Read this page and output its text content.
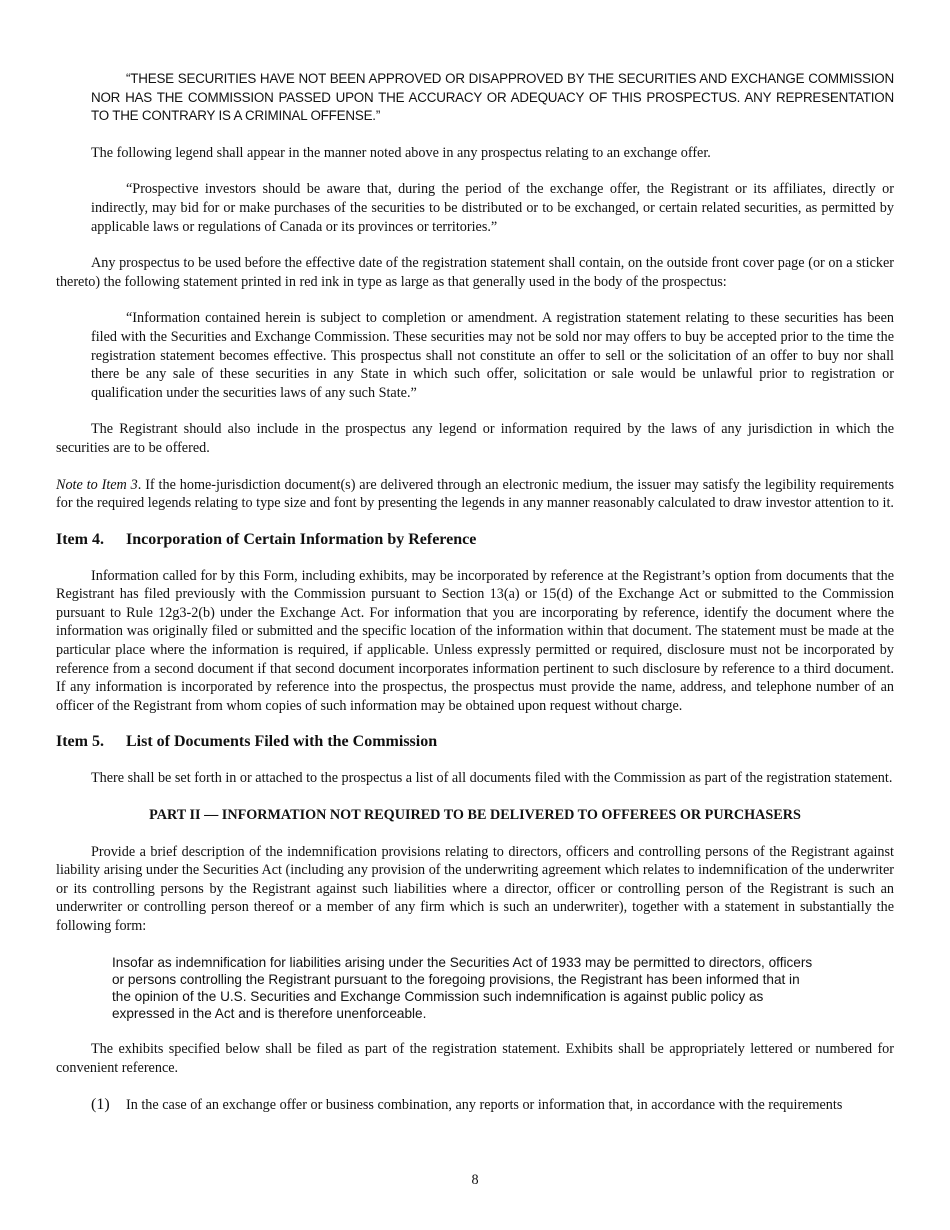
“THESE SECURITIES HAVE NOT BEEN APPROVED OR DISAPPROVED BY THE SECURITIES AND EXCHANGE COMMISSION NOR HAS THE COMMISSION PASSED UPON THE ACCURACY OR ADEQUACY OF THIS PROSPECTUS. ANY REPRESENTATION TO THE CONTRARY IS A CRIMINAL OFFENSE.”

The following legend shall appear in the manner noted above in any prospectus relating to an exchange offer.

“Prospective investors should be aware that, during the period of the exchange offer, the Registrant or its affiliates, directly or indirectly, may bid for or make purchases of the securities to be distributed or to be exchanged, or certain related securities, as permitted by applicable laws or regulations of Canada or its provinces or territories.”

Any prospectus to be used before the effective date of the registration statement shall contain, on the outside front cover page (or on a sticker thereto) the following statement printed in red ink in type as large as that generally used in the body of the prospectus:

“Information contained herein is subject to completion or amendment. A registration statement relating to these securities has been filed with the Securities and Exchange Commission. These securities may not be sold nor may offers to buy be accepted prior to the time the registration statement becomes effective. This prospectus shall not constitute an offer to sell or the solicitation of an offer to buy nor shall there be any sale of these securities in any State in which such offer, solicitation or sale would be unlawful prior to registration or qualification under the securities laws of any such State.”

The Registrant should also include in the prospectus any legend or information required by the laws of any jurisdiction in which the securities are to be offered.

Note to Item 3. If the home-jurisdiction document(s) are delivered through an electronic medium, the issuer may satisfy the legibility requirements for the required legends relating to type size and font by presenting the legends in any manner reasonably calculated to draw investor attention to it.

Item 4.	Incorporation of Certain Information by Reference

Information called for by this Form, including exhibits, may be incorporated by reference at the Registrant’s option from documents that the Registrant has filed previously with the Commission pursuant to Section 13(a) or 15(d) of the Exchange Act or submitted to the Commission pursuant to Rule 12g3-2(b) under the Exchange Act. For information that you are incorporating by reference, identify the document where the information was originally filed or submitted and the specific location of the information within that document. The statement must be made at the particular place where the information is required, if applicable. Unless expressly permitted or required, disclosure must not be incorporated by reference from a second document if that second document incorporates information pertinent to such disclosure by reference to a third document. If any information is incorporated by reference into the prospectus, the prospectus must provide the name, address, and telephone number of an officer of the Registrant from whom copies of such information may be obtained upon request without charge.

Item 5.	List of Documents Filed with the Commission

There shall be set forth in or attached to the prospectus a list of all documents filed with the Commission as part of the registration statement.

PART II — INFORMATION NOT REQUIRED TO BE DELIVERED TO OFFEREES OR PURCHASERS

Provide a brief description of the indemnification provisions relating to directors, officers and controlling persons of the Registrant against liability arising under the Securities Act (including any provision of the underwriting agreement which relates to indemnification of the underwriter or its controlling persons by the Registrant against such liabilities where a director, officer or controlling person of the Registrant is such an underwriter or controlling person thereof or a member of any firm which is such an underwriter), together with a statement in substantially the following form:

Insofar as indemnification for liabilities arising under the Securities Act of 1933 may be permitted to directors, officers or persons controlling the Registrant pursuant to the foregoing provisions, the Registrant has been informed that in the opinion of the U.S. Securities and Exchange Commission such indemnification is against public policy as expressed in the Act and is therefore unenforceable.

The exhibits specified below shall be filed as part of the registration statement. Exhibits shall be appropriately lettered or numbered for convenient reference.

(1)	In the case of an exchange offer or business combination, any reports or information that, in accordance with the requirements

8
